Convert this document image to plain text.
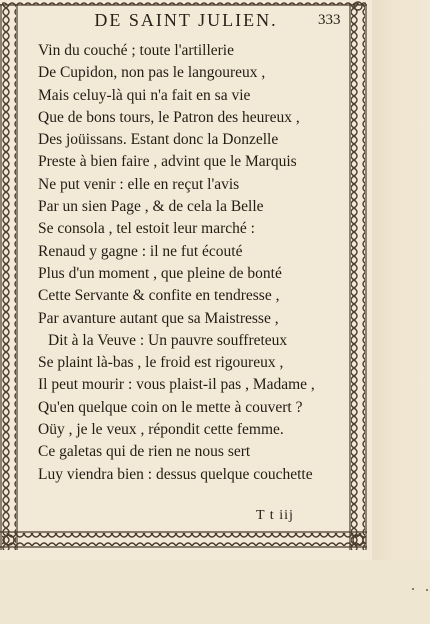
DE SAINT JULIEN.	333
Vin du couché ; toute l'artillerie
De Cupidon, non pas le langoureux ,
Mais celuy-là qui n'a fait en sa vie
Que de bons tours, le Patron des heureux ,
Des joüissans. Estant donc la Donzelle
Preste à bien faire , advint que le Marquis
Ne put venir : elle en reçut l'avis
Par un sien Page , & de cela la Belle
Se consola , tel estoit leur marché :
Renaud y gagne : il ne fut écouté
Plus d'un moment , que pleine de bonté
Cette Servante & confite en tendresse ,
Par avanture autant que sa Maistresse ,
Dit à la Veuve : Un pauvre souffreteux
Se plaint là-bas , le froid est rigoureux ,
Il peut mourir : vous plaist-il pas , Madame ,
Qu'en quelque coin on le mette à couvert ?
Oüy , je le veux , répondit cette femme.
Ce galetas qui de rien ne nous sert
Luy viendra bien : dessus quelque couchette
T t iij
